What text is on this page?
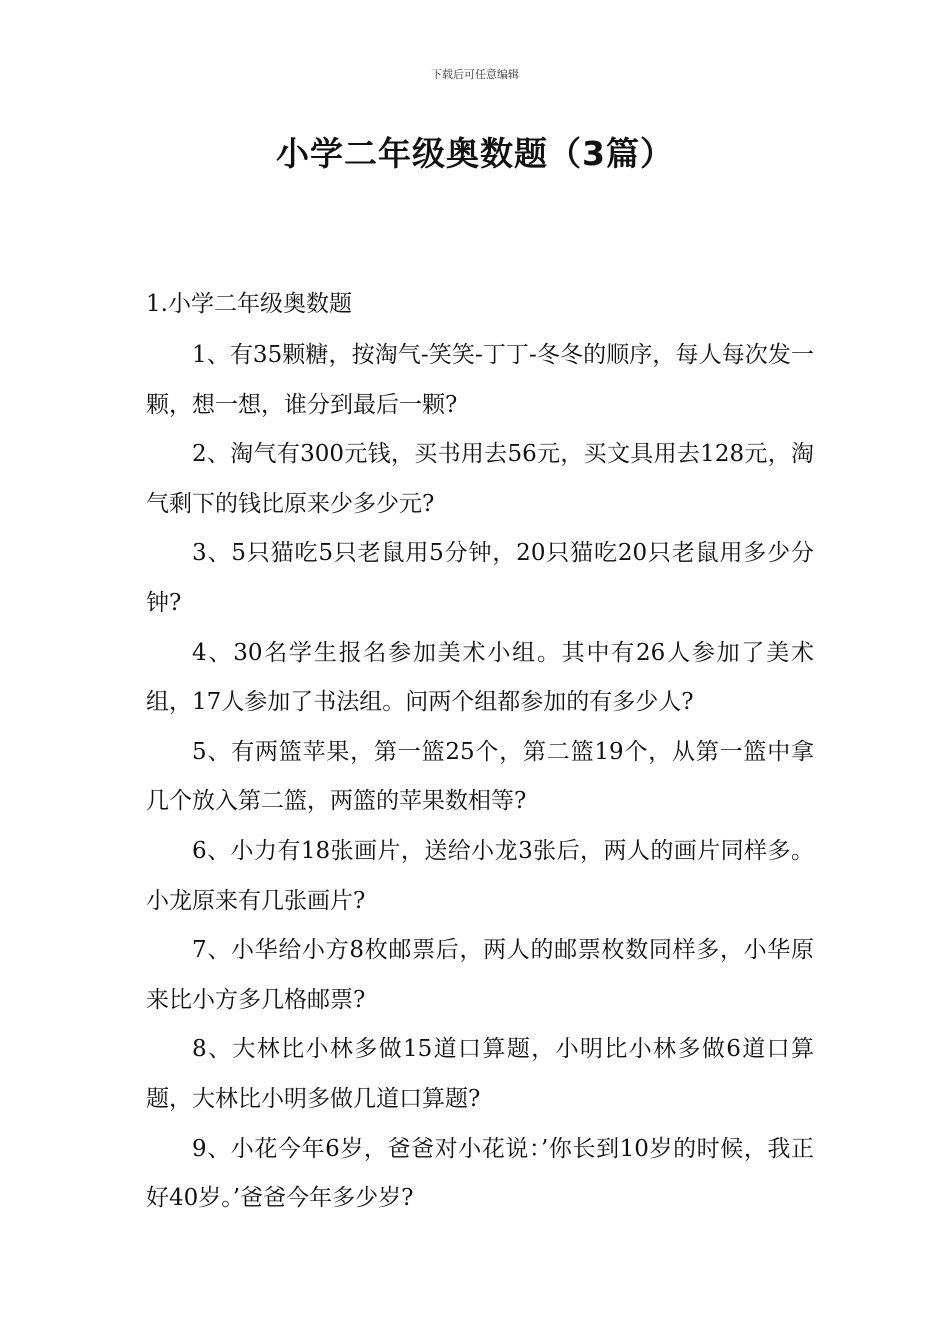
下载后可任意编辑
小学二年级奥数题（3篇）
1.小学二年级奥数题

1、有35颗糖，按淘气-笑笑-丁丁-冬冬的顺序，每人每次发一颗，想一想，谁分到最后一颗?

2、淘气有300元钱，买书用去56元，买文具用去128元，淘气剩下的钱比原来少多少元?

3、5只猫吃5只老鼠用5分钟，20只猫吃20只老鼠用多少分钟?

4、30名学生报名参加美术小组。其中有26人参加了美术组，17人参加了书法组。问两个组都参加的有多少人?

5、有两篮苹果，第一篮25个，第二篮19个，从第一篮中拿几个放入第二篮，两篮的苹果数相等?

6、小力有18张画片，送给小龙3张后，两人的画片同样多。小龙原来有几张画片?

7、小华给小方8枚邮票后，两人的邮票枚数同样多，小华原来比小方多几格邮票?

8、大林比小林多做15道口算题，小明比小林多做6道口算题，大林比小明多做几道口算题?

9、小花今年6岁，爸爸对小花说：’你长到10岁的时候，我正好40岁。’爸爸今年多少岁?
